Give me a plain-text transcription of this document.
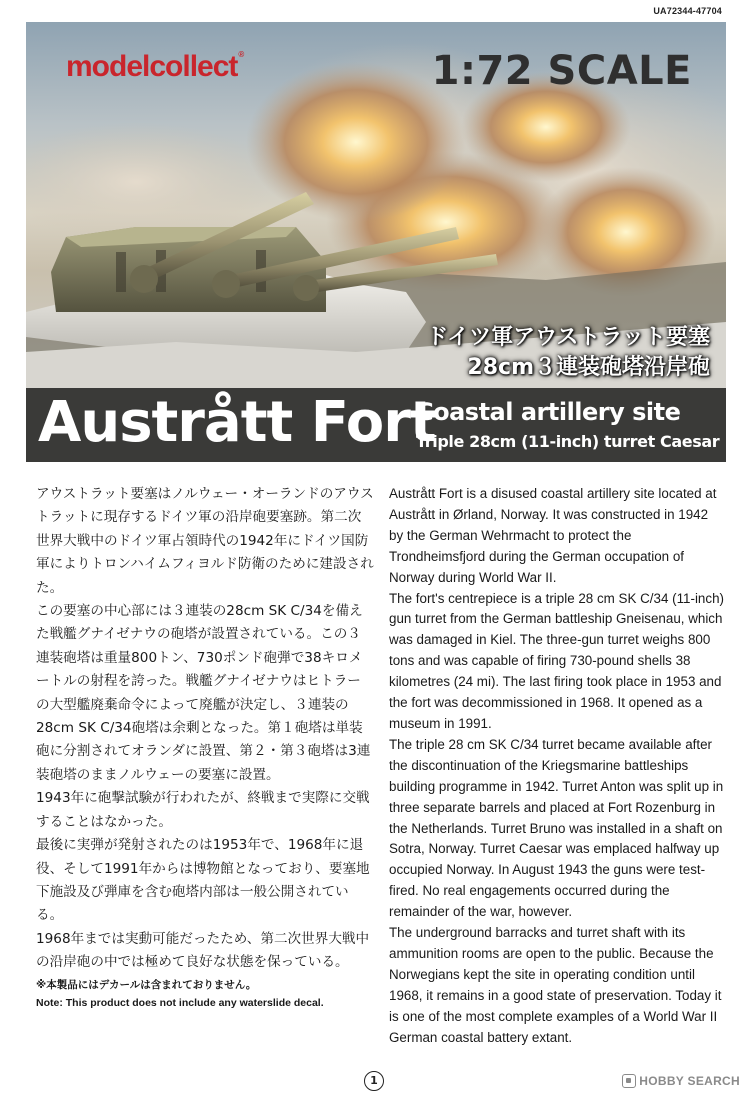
UA72344-47704
modelcollect®	1:72 SCALE
ドイツ軍アウストラット要塞
28cm３連装砲塔沿岸砲
Austrått Fort
Coastal artillery site
Triple 28cm (11-inch) turret Caesar

アウストラット要塞はノルウェー・オーランドのアウストラットに現存するドイツ軍の沿岸砲要塞跡。第二次世界大戦中のドイツ軍占領時代の1942年にドイツ国防軍によりトロンハイムフィヨルド防衛のために建設された。

この要塞の中心部には３連装の28cm SK C/34を備えた戦艦グナイゼナウの砲塔が設置されている。この３連装砲塔は重量800トン、730ポンド砲弾で38キロメートルの射程を誇った。戦艦グナイゼナウはヒトラーの大型艦廃棄命令によって廃艦が決定し、３連装の28cm SK C/34砲塔は余剰となった。第１砲塔は単装砲に分割されてオランダに設置、第２・第３砲塔は3連装砲塔のままノルウェーの要塞に設置。

1943年に砲撃試験が行われたが、終戦まで実際に交戦することはなかった。

最後に実弾が発射されたのは1953年で、1968年に退役、そして1991年からは博物館となっており、要塞地下施設及び弾庫を含む砲塔内部は一般公開されている。

1968年までは実動可能だったため、第二次世界大戦中の沿岸砲の中では極めて良好な状態を保っている。

※本製品にはデカールは含まれておりません。

Note: This product does not include any waterslide decal.

Austrått Fort is a disused coastal artillery site located at Austrått in Ørland, Norway. It was constructed in 1942 by the German Wehrmacht to protect the Trondheimsfjord during the German occupation of Norway during World War II.

The fort's centrepiece is a triple 28 cm SK C/34 (11-inch) gun turret from the German battleship Gneisenau, which was damaged in Kiel. The three-gun turret weighs 800 tons and was capable of firing 730-pound shells 38 kilometres (24 mi). The last firing took place in 1953 and the fort was decommissioned in 1968. It opened as a museum in 1991.

The triple 28 cm SK C/34 turret became available after the discontinuation of the Kriegsmarine battleships building programme in 1942. Turret Anton was split up in three separate barrels and placed at Fort Rozenburg in the Netherlands. Turret Bruno was installed in a shaft on Sotra, Norway. Turret Caesar was emplaced halfway up occupied Norway. In August 1943 the guns were test-fired. No real engagements occurred during the remainder of the war, however.

The underground barracks and turret shaft with its ammunition rooms are open to the public. Because the Norwegians kept the site in operating condition until 1968, it remains in a good state of preservation. Today it is one of the most complete examples of a World War II German coastal battery extant.

1	HOBBY SEARCH
